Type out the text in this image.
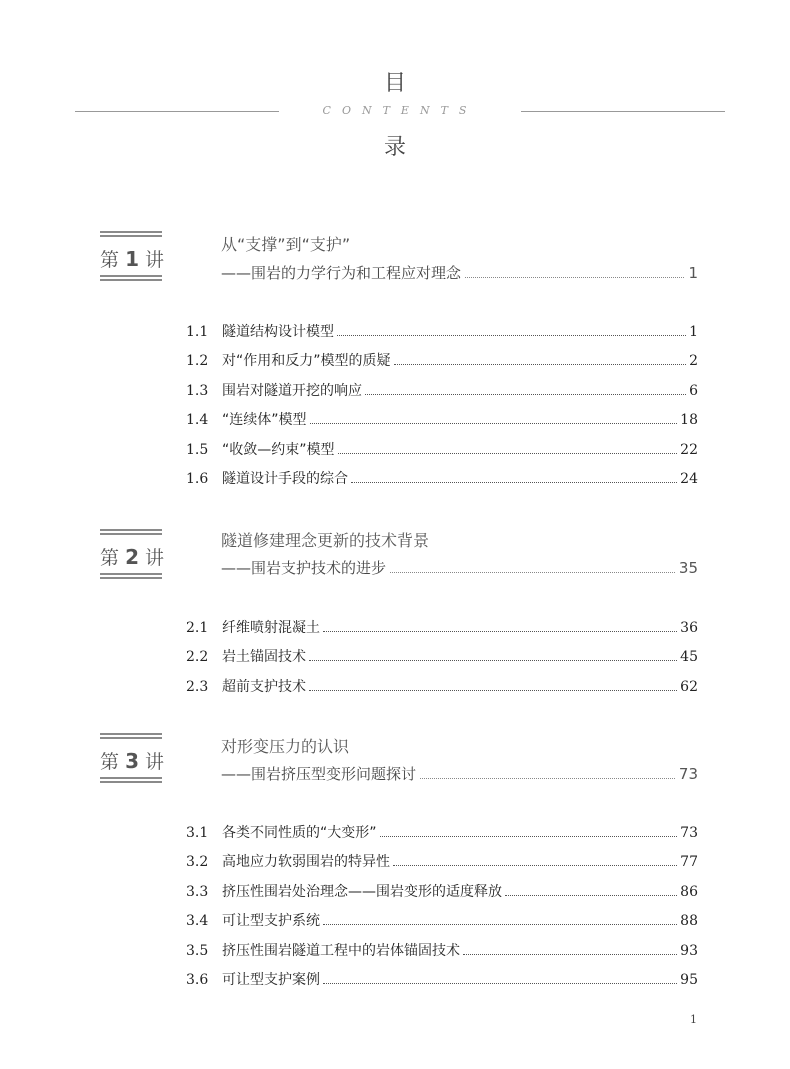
目
CONTENTS
录
第 1 讲
从“支撑”到“支护”
——围岩的力学行为和工程应对理念	1
1.1 隧道结构设计模型	1
1.2 对“作用和反力”模型的质疑	2
1.3 围岩对隧道开挖的响应	6
1.4 “连续体”模型	18
1.5 “收敛—约束”模型	22
1.6 隧道设计手段的综合	24
第 2 讲
隧道修建理念更新的技术背景
——围岩支护技术的进步	35
2.1 纤维喷射混凝土	36
2.2 岩土锚固技术	45
2.3 超前支护技术	62
第 3 讲
对形变压力的认识
——围岩挤压型变形问题探讨	73
3.1 各类不同性质的“大变形”	73
3.2 高地应力软弱围岩的特异性	77
3.3 挤压性围岩处治理念——围岩变形的适度释放	86
3.4 可让型支护系统	88
3.5 挤压性围岩隧道工程中的岩体锚固技术	93
3.6 可让型支护案例	95
1
